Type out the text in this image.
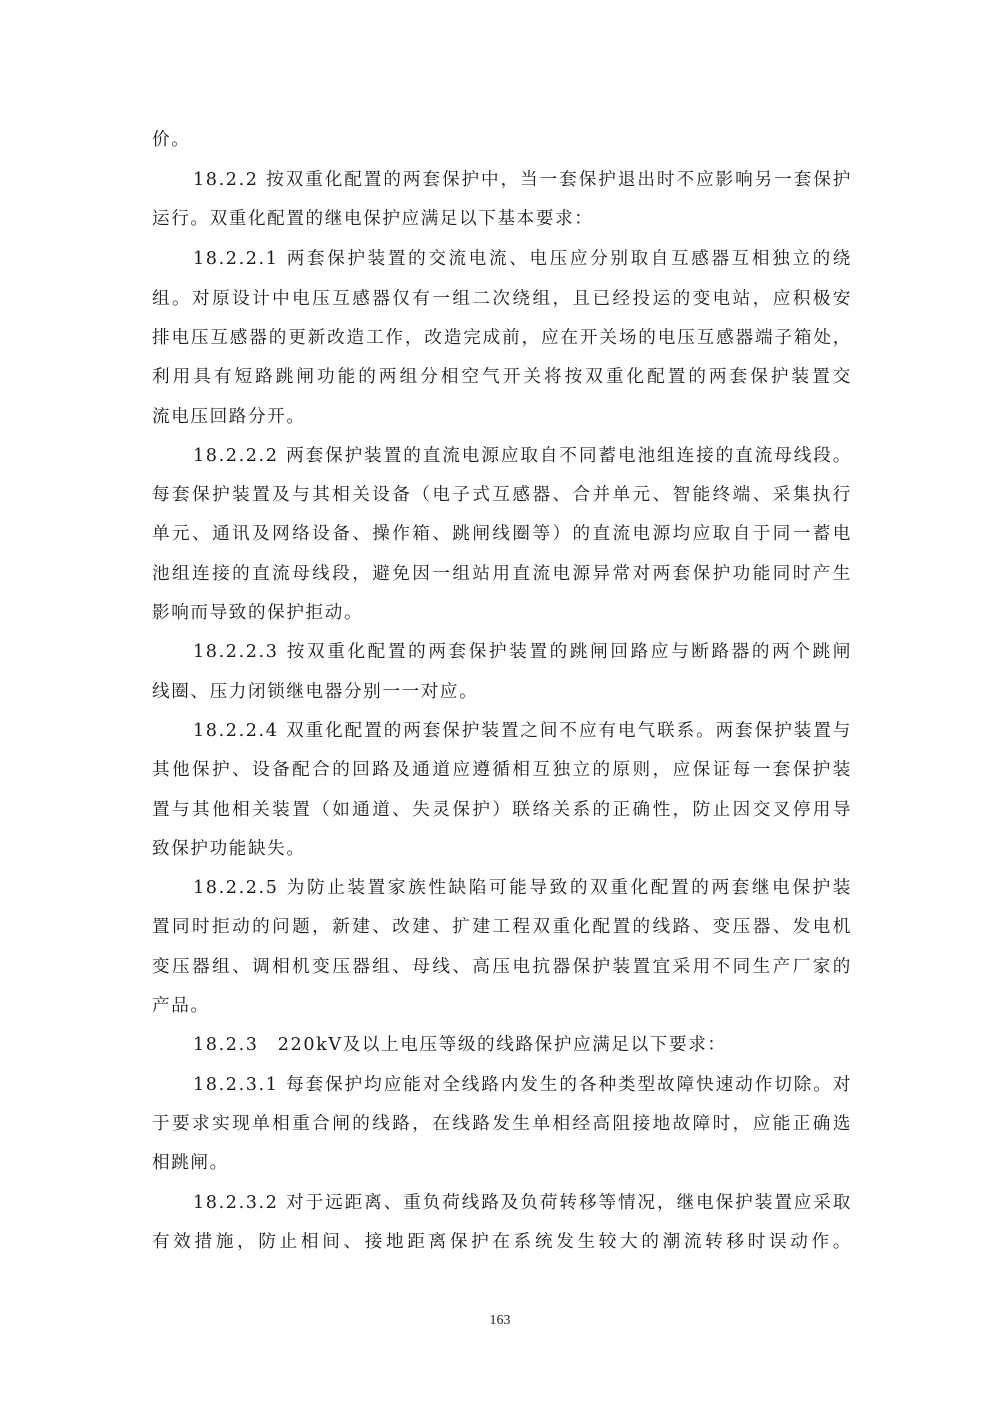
价。
18.2.2 按双重化配置的两套保护中，当一套保护退出时不应影响另一套保护
运行。双重化配置的继电保护应满足以下基本要求：
18.2.2.1 两套保护装置的交流电流、电压应分别取自互感器互相独立的绕
组。对原设计中电压互感器仅有一组二次绕组，且已经投运的变电站，应积极安
排电压互感器的更新改造工作，改造完成前，应在开关场的电压互感器端子箱处，
利用具有短路跳闸功能的两组分相空气开关将按双重化配置的两套保护装置交
流电压回路分开。
18.2.2.2 两套保护装置的直流电源应取自不同蓄电池组连接的直流母线段。
每套保护装置及与其相关设备（电子式互感器、合并单元、智能终端、采集执行
单元、通讯及网络设备、操作箱、跳闸线圈等）的直流电源均应取自于同一蓄电
池组连接的直流母线段，避免因一组站用直流电源异常对两套保护功能同时产生
影响而导致的保护拒动。
18.2.2.3 按双重化配置的两套保护装置的跳闸回路应与断路器的两个跳闸
线圈、压力闭锁继电器分别一一对应。
18.2.2.4 双重化配置的两套保护装置之间不应有电气联系。两套保护装置与
其他保护、设备配合的回路及通道应遵循相互独立的原则，应保证每一套保护装
置与其他相关装置（如通道、失灵保护）联络关系的正确性，防止因交叉停用导
致保护功能缺失。
18.2.2.5 为防止装置家族性缺陷可能导致的双重化配置的两套继电保护装
置同时拒动的问题，新建、改建、扩建工程双重化配置的线路、变压器、发电机
变压器组、调相机变压器组、母线、高压电抗器保护装置宜采用不同生产厂家的
产品。
18.2.3　220kV及以上电压等级的线路保护应满足以下要求：
18.2.3.1 每套保护均应能对全线路内发生的各种类型故障快速动作切除。对
于要求实现单相重合闸的线路，在线路发生单相经高阻接地故障时，应能正确选
相跳闸。
18.2.3.2 对于远距离、重负荷线路及负荷转移等情况，继电保护装置应采取
有效措施，防止相间、接地距离保护在系统发生较大的潮流转移时误动作。
163
